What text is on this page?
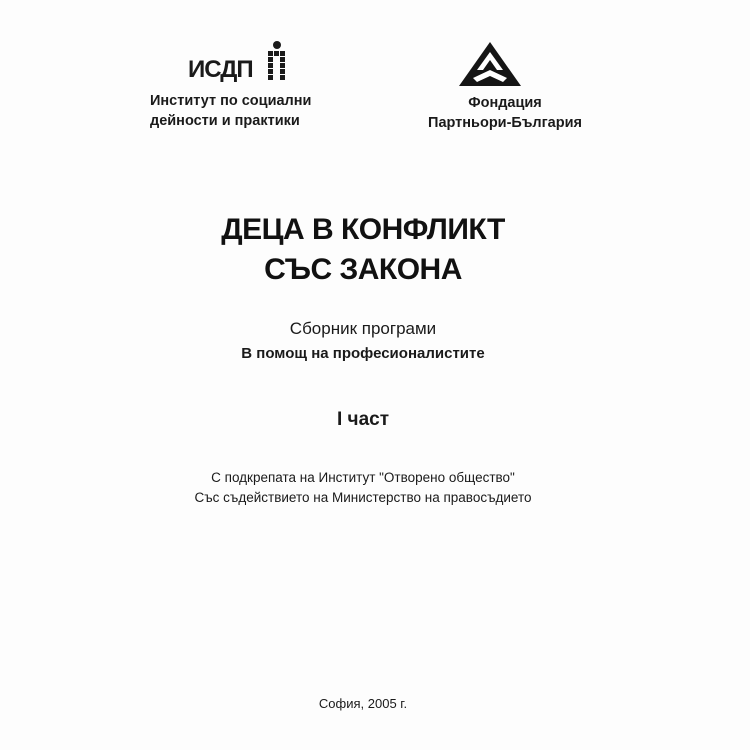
ИСДП
Институт по социални
дейности и практики
Фондация
Партньори-България
ДЕЦА В КОНФЛИКТ
СЪС ЗАКОНА
Сборник програми
В помощ на професионалистите
I част
С подкрепата на Институт "Отворено общество"
Със съдействието на Министерство на правосъдието
София, 2005 г.
